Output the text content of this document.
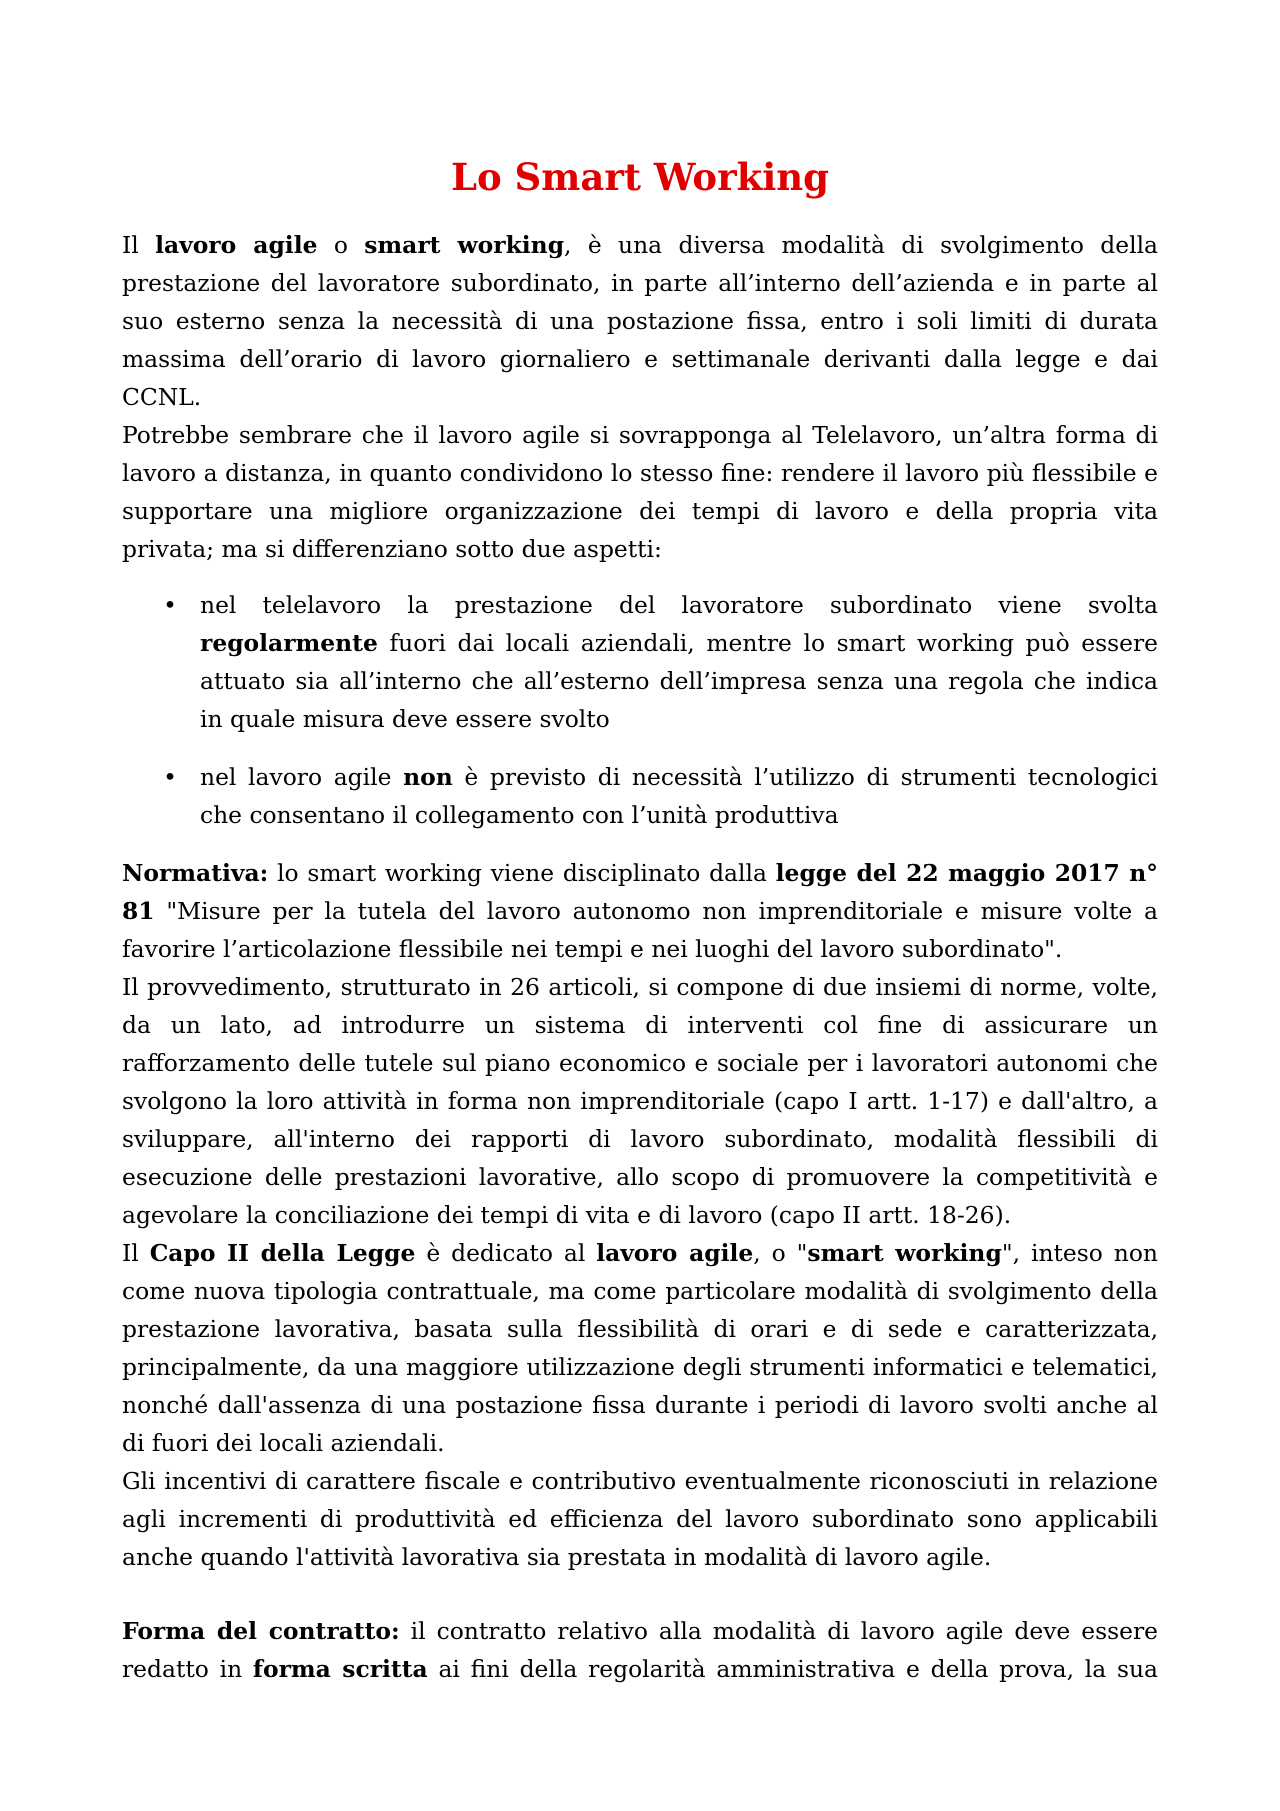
Lo Smart Working

Il lavoro agile o smart working, è una diversa modalità di svolgimento della prestazione del lavoratore subordinato, in parte all’interno dell’azienda e in parte al suo esterno senza la necessità di una postazione fissa, entro i soli limiti di durata massima dell’orario di lavoro giornaliero e settimanale derivanti dalla legge e dai CCNL.

Potrebbe sembrare che il lavoro agile si sovrapponga al Telelavoro, un’altra forma di lavoro a distanza, in quanto condividono lo stesso fine: rendere il lavoro più flessibile e supportare una migliore organizzazione dei tempi di lavoro e della propria vita privata; ma si differenziano sotto due aspetti:

• nel telelavoro la prestazione del lavoratore subordinato viene svolta regolarmente fuori dai locali aziendali, mentre lo smart working può essere attuato sia all’interno che all’esterno dell’impresa senza una regola che indica in quale misura deve essere svolto
• nel lavoro agile non è previsto di necessità l’utilizzo di strumenti tecnologici che consentano il collegamento con l’unità produttiva

Normativa: lo smart working viene disciplinato dalla legge del 22 maggio 2017 n° 81 "Misure per la tutela del lavoro autonomo non imprenditoriale e misure volte a favorire l’articolazione flessibile nei tempi e nei luoghi del lavoro subordinato".

Il provvedimento, strutturato in 26 articoli, si compone di due insiemi di norme, volte, da un lato, ad introdurre un sistema di interventi col fine di assicurare un rafforzamento delle tutele sul piano economico e sociale per i lavoratori autonomi che svolgono la loro attività in forma non imprenditoriale (capo I artt. 1-17) e dall'altro, a sviluppare, all'interno dei rapporti di lavoro subordinato, modalità flessibili di esecuzione delle prestazioni lavorative, allo scopo di promuovere la competitività e agevolare la conciliazione dei tempi di vita e di lavoro (capo II artt. 18-26).

Il Capo II della Legge è dedicato al lavoro agile, o "smart working", inteso non come nuova tipologia contrattuale, ma come particolare modalità di svolgimento della prestazione lavorativa, basata sulla flessibilità di orari e di sede e caratterizzata, principalmente, da una maggiore utilizzazione degli strumenti informatici e telematici, nonché dall'assenza di una postazione fissa durante i periodi di lavoro svolti anche al di fuori dei locali aziendali.

Gli incentivi di carattere fiscale e contributivo eventualmente riconosciuti in relazione agli incrementi di produttività ed efficienza del lavoro subordinato sono applicabili anche quando l'attività lavorativa sia prestata in modalità di lavoro agile.

Forma del contratto: il contratto relativo alla modalità di lavoro agile deve essere redatto in forma scritta ai fini della regolarità amministrativa e della prova, la sua
